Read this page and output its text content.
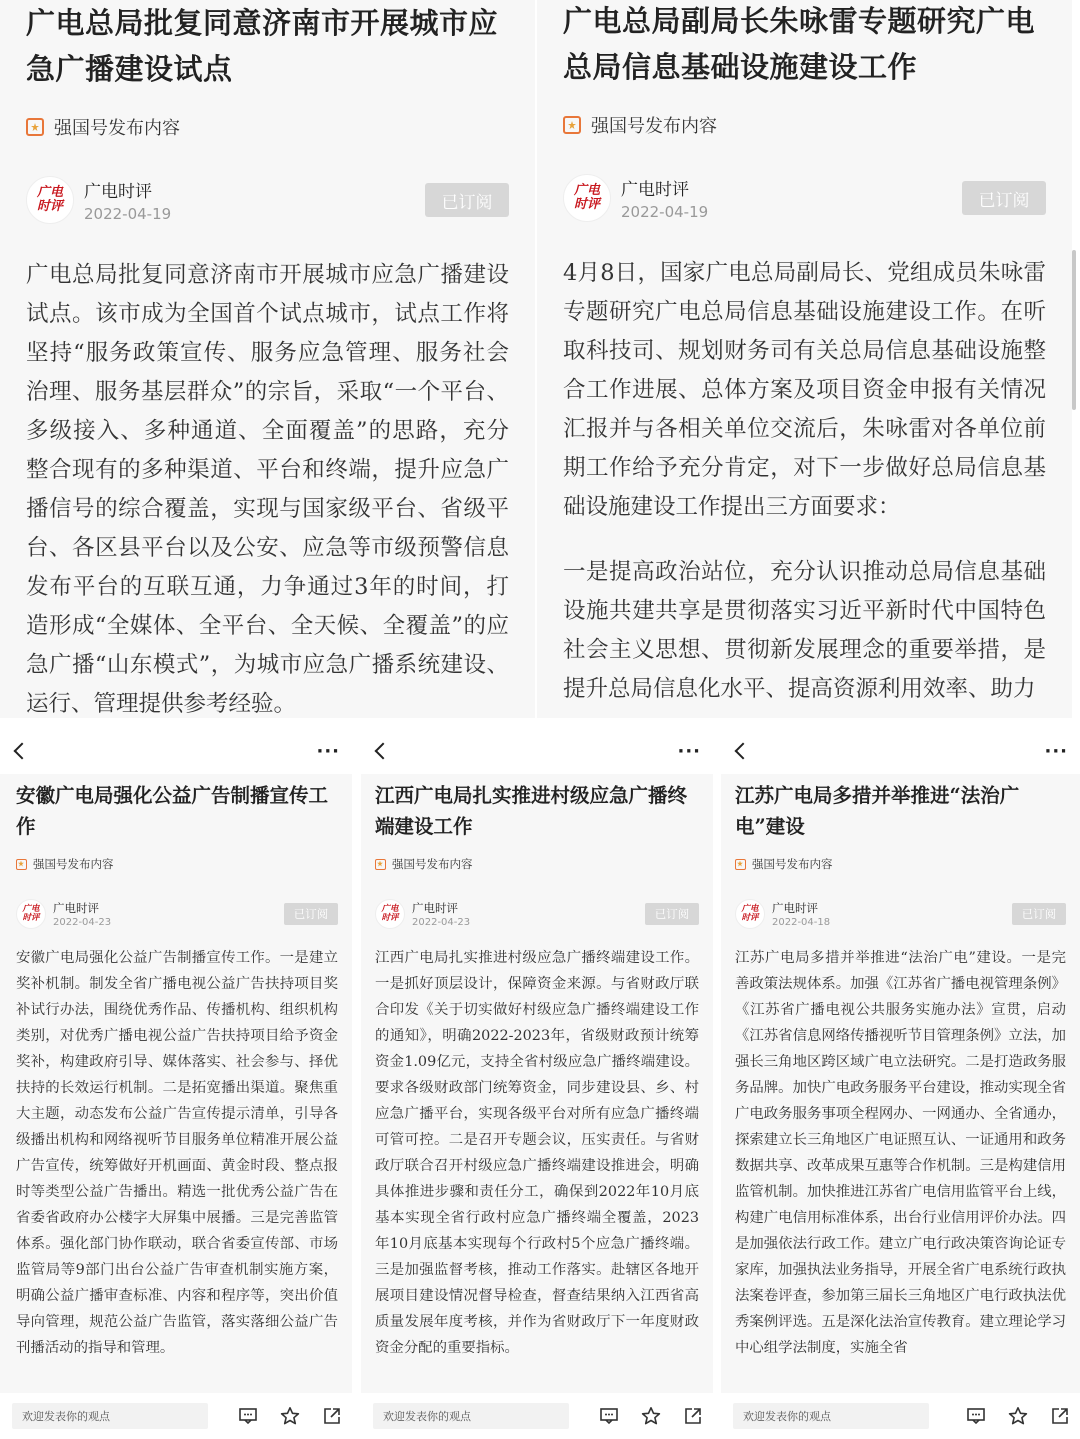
广电总局批复同意济南市开展城市应急广播建设试点
强国号发布内容
广电
时评
广电时评
2022-04-19
已订阅

广电总局批复同意济南市开展城市应急广播建设试点。该市成为全国首个试点城市，试点工作将坚持“服务政策宣传、服务应急管理、服务社会治理、服务基层群众”的宗旨，采取“一个平台、多级接入、多种通道、全面覆盖”的思路，充分整合现有的多种渠道、平台和终端，提升应急广播信号的综合覆盖，实现与国家级平台、省级平台、各区县平台以及公安、应急等市级预警信息发布平台的互联互通，力争通过3年的时间，打造形成“全媒体、全平台、全天候、全覆盖”的应急广播“山东模式”，为城市应急广播系统建设、运行、管理提供参考经验。

广电总局副局长朱咏雷专题研究广电总局信息基础设施建设工作
强国号发布内容
广电
时评
广电时评
2022-04-19
已订阅

4月8日，国家广电总局副局长、党组成员朱咏雷专题研究广电总局信息基础设施建设工作。在听取科技司、规划财务司有关总局信息基础设施整合工作进展、总体方案及项目资金申报有关情况汇报并与各相关单位交流后，朱咏雷对各单位前期工作给予充分肯定，对下一步做好总局信息基础设施建设工作提出三方面要求：

一是提高政治站位，充分认识推动总局信息基础设施共建共享是贯彻落实习近平新时代中国特色社会主义思想、贯彻新发展理念的重要举措，是提升总局信息化水平、提高资源利用效率、助力

···
安徽广电局强化公益广告制播宣传工作
强国号发布内容
广电
时评
广电时评
2022-04-23
已订阅
安徽广电局强化公益广告制播宣传工作。一是建立奖补机制。制发全省广播电视公益广告扶持项目奖补试行办法，围绕优秀作品、传播机构、组织机构类别，对优秀广播电视公益广告扶持项目给予资金奖补，构建政府引导、媒体落实、社会参与、择优扶持的长效运行机制。二是拓宽播出渠道。聚焦重大主题，动态发布公益广告宣传提示清单，引导各级播出机构和网络视听节目服务单位精准开展公益广告宣传，统筹做好开机画面、黄金时段、整点报时等类型公益广告播出。精选一批优秀公益广告在省委省政府办公楼字大屏集中展播。三是完善监管体系。强化部门协作联动，联合省委宣传部、市场监管局等9部门出台公益广告审查机制实施方案，明确公益广播审查标准、内容和程序等，突出价值导向管理，规范公益广告监管，落实落细公益广告刊播活动的指导和管理。
欢迎发表你的观点
···
江西广电局扎实推进村级应急广播终端建设工作
强国号发布内容
广电
时评
广电时评
2022-04-23
已订阅
江西广电局扎实推进村级应急广播终端建设工作。一是抓好顶层设计，保障资金来源。与省财政厅联合印发《关于切实做好村级应急广播终端建设工作的通知》，明确2022-2023年，省级财政预计统筹资金1.09亿元，支持全省村级应急广播终端建设。要求各级财政部门统筹资金，同步建设县、乡、村应急广播平台，实现各级平台对所有应急广播终端可管可控。二是召开专题会议，压实责任。与省财政厅联合召开村级应急广播终端建设推进会，明确具体推进步骤和责任分工，确保到2022年10月底基本实现全省行政村应急广播终端全覆盖，2023年10月底基本实现每个行政村5个应急广播终端。三是加强监督考核，推动工作落实。赴辖区各地开展项目建设情况督导检查，督查结果纳入江西省高质量发展年度考核，并作为省财政厅下一年度财政资金分配的重要指标。
欢迎发表你的观点
···
江苏广电局多措并举推进“法治广电”建设
强国号发布内容
广电
时评
广电时评
2022-04-18
已订阅
江苏广电局多措并举推进“法治广电”建设。一是完善政策法规体系。加强《江苏省广播电视管理条例》《江苏省广播电视公共服务实施办法》宣贯，启动《江苏省信息网络传播视听节目管理条例》立法，加强长三角地区跨区域广电立法研究。二是打造政务服务品牌。加快广电政务服务平台建设，推动实现全省广电政务服务事项全程网办、一网通办、全省通办，探索建立长三角地区广电证照互认、一证通用和政务数据共享、改革成果互惠等合作机制。三是构建信用监管机制。加快推进江苏省广电信用监管平台上线，构建广电信用标准体系，出台行业信用评价办法。四是加强依法行政工作。建立广电行政决策咨询论证专家库，加强执法业务指导，开展全省广电系统行政执法案卷评查，参加第三届长三角地区广电行政执法优秀案例评选。五是深化法治宣传教育。建立理论学习中心组学法制度，实施全省
欢迎发表你的观点
